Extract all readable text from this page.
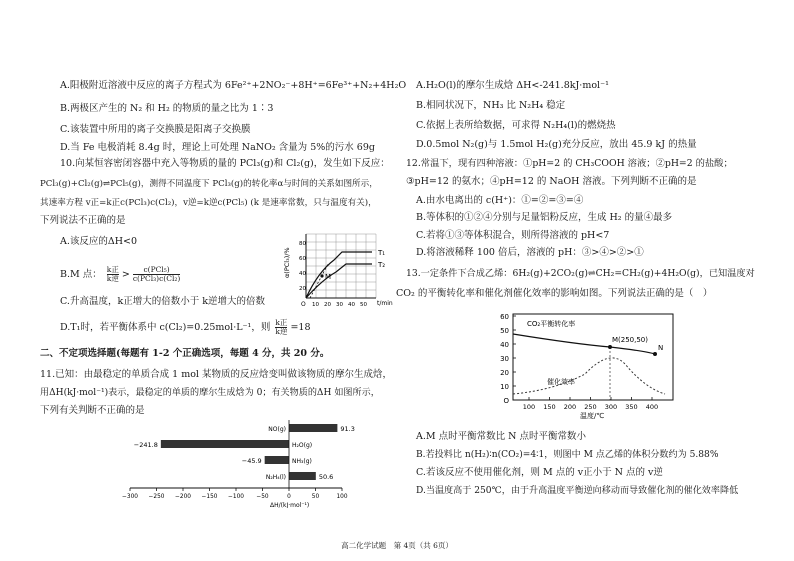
A.阳极附近溶液中反应的离子方程式为 6Fe²⁺+2NO₂⁻+8H⁺=6Fe³⁺+N₂+4H₂O
B.两极区产生的 N₂ 和 H₂ 的物质的量之比为 1∶3
C.该装置中所用的离子交换膜是阳离子交换膜
D.当 Fe 电极消耗 8.4g 时，理论上可处理 NaNO₂ 含量为 5%的污水 69g
10.向某恒容密闭容器中充入等物质的量的 PCl₃(g)和 Cl₂(g)，发生如下反应：
PCl₃(g)+Cl₂(g)⇌PCl₅(g)，测得不同温度下 PCl₃(g)的转化率α与时间的关系如图所示，
其速率方程 v正=k正c(PCl₃)c(Cl₂)，v逆=k逆c(PCl₅) (k 是速率常数，只与温度有关)，
下列说法不正确的是
A.该反应的ΔH<0
B.M 点： k正
k逆 >	c(PCl₅)
c(PCl₃)c(Cl₂)
C.升高温度，k正增大的倍数小于 k逆增大的倍数
D.T₁时，若平衡体系中 c(Cl₂)=0.25mol·L⁻¹，则 k正
k逆 =18
二、不定项选择题(每题有 1-2 个正确选项，每题 4 分，共 20 分。
11.已知：由最稳定的单质合成 1 mol 某物质的反应焓变叫做该物质的摩尔生成焓，
用ΔH(kJ·mol⁻¹)表示，最稳定的单质的摩尔生成焓为 0；有关物质的ΔH 如图所示，
下列有关判断不正确的是
M
T₁
T₂
α(PCl₃)/%
t/min
20
40
60
80
O 10 20 30 40 50
91.3
NO(g)
−241.8	H₂O(g)
−45.9	NH₃(g)
50.6
N₂H₄(l)
−300 −250 −200 −150 −100 −50	0	50	100
ΔH/(kJ·mol⁻¹)
A.H₂O(l)的摩尔生成焓 ΔH<-241.8kJ·mol⁻¹
B.相同状况下，NH₃ 比 N₂H₄ 稳定
C.依据上表所给数据，可求得 N₂H₄(l)的燃烧热
D.0.5mol N₂(g)与 1.5mol H₂(g)充分反应，放出 45.9 kJ 的热量
12.常温下，现有四种溶液：①pH=2 的 CH₃COOH 溶液；②pH=2 的盐酸；
③pH=12 的氨水；④pH=12 的 NaOH 溶液。下列判断不正确的是
A.由水电离出的 c(H⁺)：①=②=③=④
B.等体积的①②④分别与足量铝粉反应，生成 H₂ 的量④最多
C.若将①③等体积混合，则所得溶液的 pH<7
D.将溶液稀释 100 倍后，溶液的 pH：③>④>②>①
13.一定条件下合成乙烯：6H₂(g)+2CO₂(g)⇌CH₂=CH₂(g)+4H₂O(g)，已知温度对
CO₂ 的平衡转化率和催化剂催化效率的影响如图。下列说法正确的是（　）
A.M 点时平衡常数比 N 点时平衡常数小
B.若投料比 n(H₂)∶n(CO₂)=4∶1，则图中 M 点乙烯的体积分数约为 5.88%
C.若该反应不使用催化剂，则 M 点的 v正小于 N 点的 v逆
D.当温度高于 250℃，由于升高温度平衡逆向移动而导致催化剂的催化效率降低
M(250,50)
N
CO₂平衡转化率
催化效率
60
50
40
30
20
10
O
100 150 200 250 300 350 400
温度/℃
高二化学试题　第 4页（共 6页）
